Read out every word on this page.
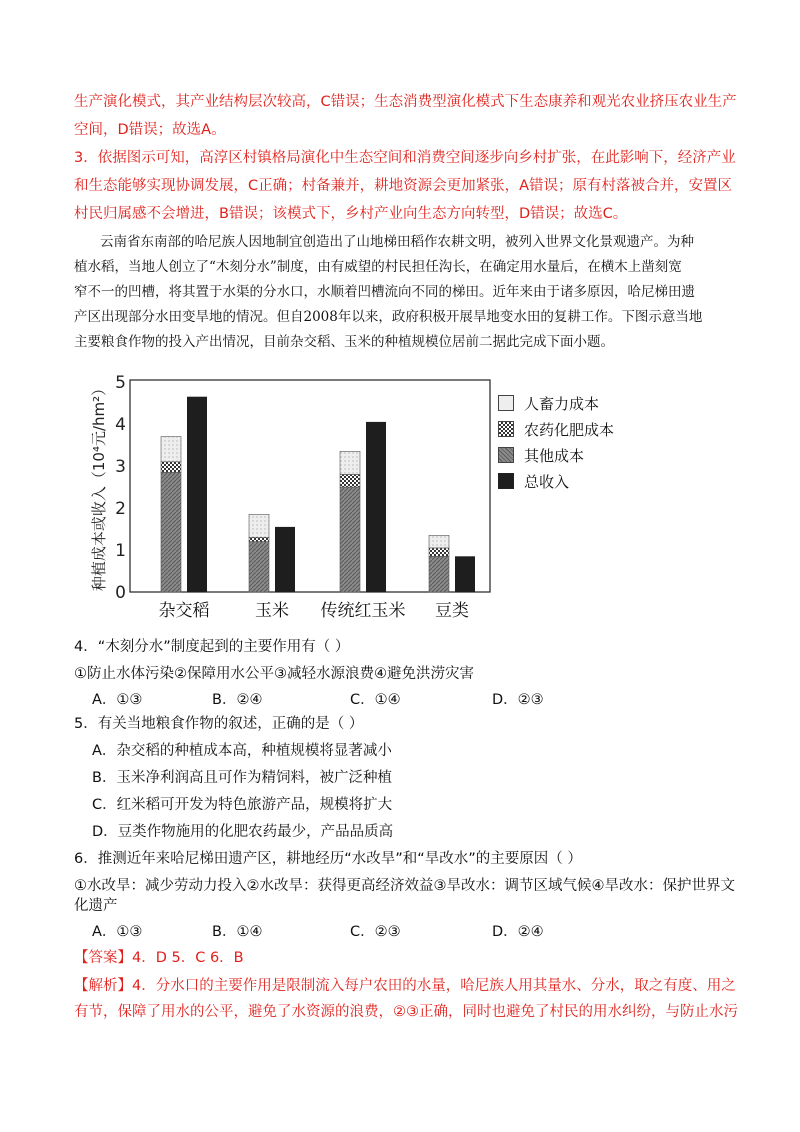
生产演化模式，其产业结构层次较高，C错误；生态消费型演化模式下生态康养和观光农业挤压农业生产
空间，D错误；故选A。
3．依据图示可知，高淳区村镇格局演化中生态空间和消费空间逐步向乡村扩张，在此影响下，经济产业
和生态能够实现协调发展，C正确；村备兼并，耕地资源会更加紧张，A错误；原有村落被合并，安置区
村民归属感不会增进，B错误；该模式下，乡村产业向生态方向转型，D错误；故选C。
云南省东南部的哈尼族人因地制宜创造出了山地梯田稻作农耕文明，被列入世界文化景观遗产。为种
植水稻，当地人创立了“木刻分水”制度，由有威望的村民担任沟长，在确定用水量后，在横木上凿刻宽
窄不一的凹槽，将其置于水渠的分水口，水顺着凹槽流向不同的梯田。近年来由于诸多原因，哈尼梯田遗
产区出现部分水田变旱地的情况。但自2008年以来，政府积极开展旱地变水田的复耕工作。下图示意当地
主要粮食作物的投入产出情况，目前杂交稻、玉米的种植规模位居前二据此完成下面小题。
种植成本或收入（10⁴元/hm²）
0
1
2
3
4
5
杂交稻	玉米 传统红玉米 豆类
4．“木刻分水”制度起到的主要作用有（ ）
①防止水体污染②保障用水公平③减轻水源浪费④避免洪涝灾害
A．①③	B．②④	C．①④	D．②③
5．有关当地粮食作物的叙述，正确的是（ ）
A．杂交稻的种植成本高，种植规模将显著减小
B．玉米净利润高且可作为精饲料，被广泛种植
C．红米稻可开发为特色旅游产品，规模将扩大
D．豆类作物施用的化肥农药最少，产品品质高
6．推测近年来哈尼梯田遗产区，耕地经历“水改旱”和“旱改水”的主要原因（ ）
①水改旱：减少劳动力投入②水改旱：获得更高经济效益③旱改水：调节区域气候④旱改水：保护世界文
化遗产
A．①③	B．①④	C．②③	D．②④
【答案】4．D 5．C 6．B
【解析】4．分水口的主要作用是限制流入每户农田的水量，哈尼族人用其量水、分水，取之有度、用之
有节，保障了用水的公平，避免了水资源的浪费，②③正确，同时也避免了村民的用水纠纷，与防止水污
人畜力成本
农药化肥成本
其他成本
总收入
